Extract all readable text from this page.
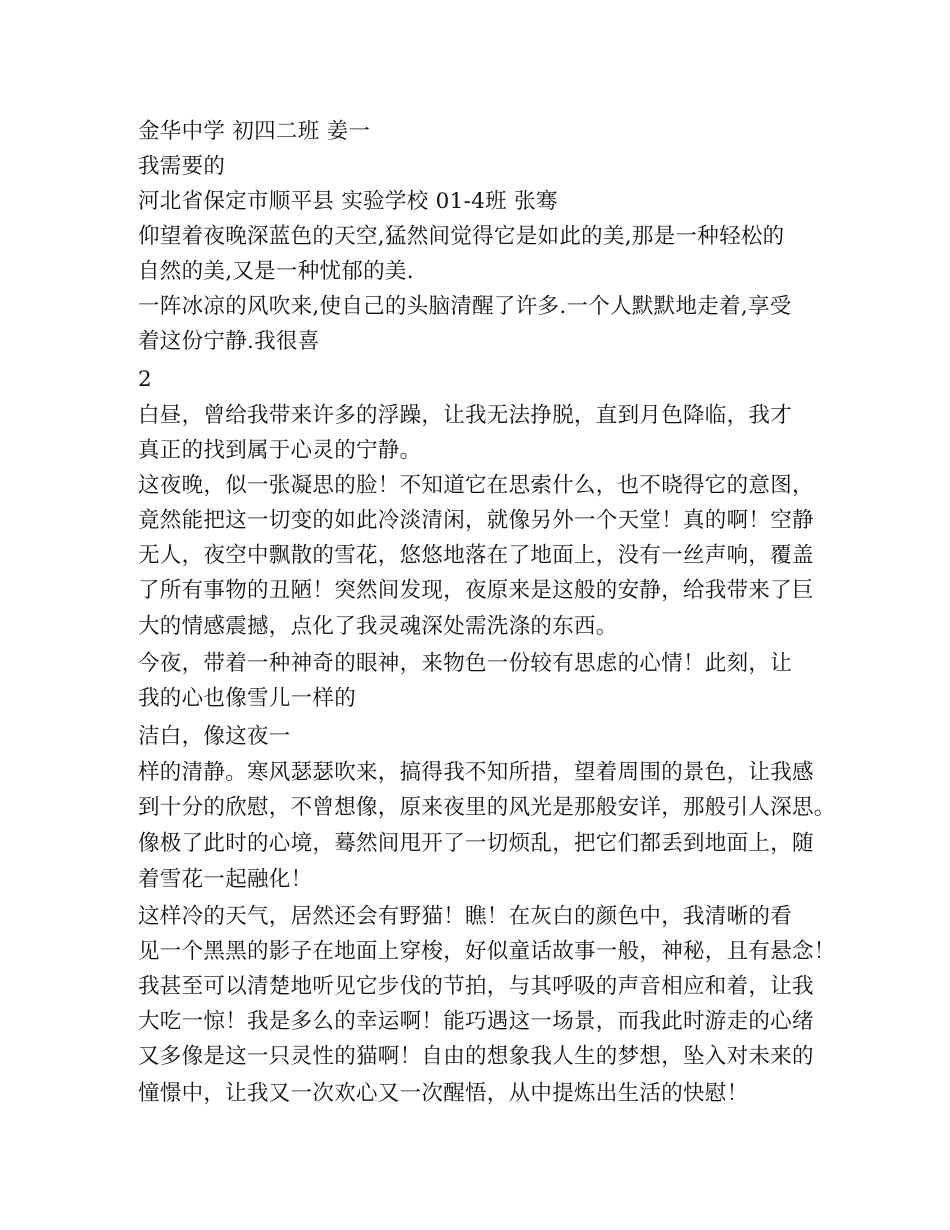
金华中学 初四二班 姜一
我需要的
河北省保定市顺平县 实验学校 01-4班 张骞
仰望着夜晚深蓝色的天空,猛然间觉得它是如此的美,那是一种轻松的
自然的美,又是一种忧郁的美.
一阵冰凉的风吹来,使自己的头脑清醒了许多.一个人默默地走着,享受
着这份宁静.我很喜
2
白昼，曾给我带来许多的浮躁，让我无法挣脱，直到月色降临，我才
真正的找到属于心灵的宁静。
这夜晚，似一张凝思的脸！不知道它在思索什么，也不晓得它的意图，
竟然能把这一切变的如此冷淡清闲，就像另外一个天堂！真的啊！空静
无人，夜空中飘散的雪花，悠悠地落在了地面上，没有一丝声响，覆盖
了所有事物的丑陋！突然间发现，夜原来是这般的安静，给我带来了巨
大的情感震撼，点化了我灵魂深处需洗涤的东西。
今夜，带着一种神奇的眼神，来物色一份较有思虑的心情！此刻，让
我的心也像雪儿一样的
洁白，像这夜一
样的清静。寒风瑟瑟吹来，搞得我不知所措，望着周围的景色，让我感
到十分的欣慰，不曾想像，原来夜里的风光是那般安详，那般引人深思。
像极了此时的心境，蓦然间甩开了一切烦乱，把它们都丢到地面上，随
着雪花一起融化！
这样冷的天气，居然还会有野猫！瞧！在灰白的颜色中，我清晰的看
见一个黑黑的影子在地面上穿梭，好似童话故事一般，神秘，且有悬念！
我甚至可以清楚地听见它步伐的节拍，与其呼吸的声音相应和着，让我
大吃一惊！我是多么的幸运啊！能巧遇这一场景，而我此时游走的心绪
又多像是这一只灵性的猫啊！自由的想象我人生的梦想，坠入对未来的
憧憬中，让我又一次欢心又一次醒悟，从中提炼出生活的快慰！
